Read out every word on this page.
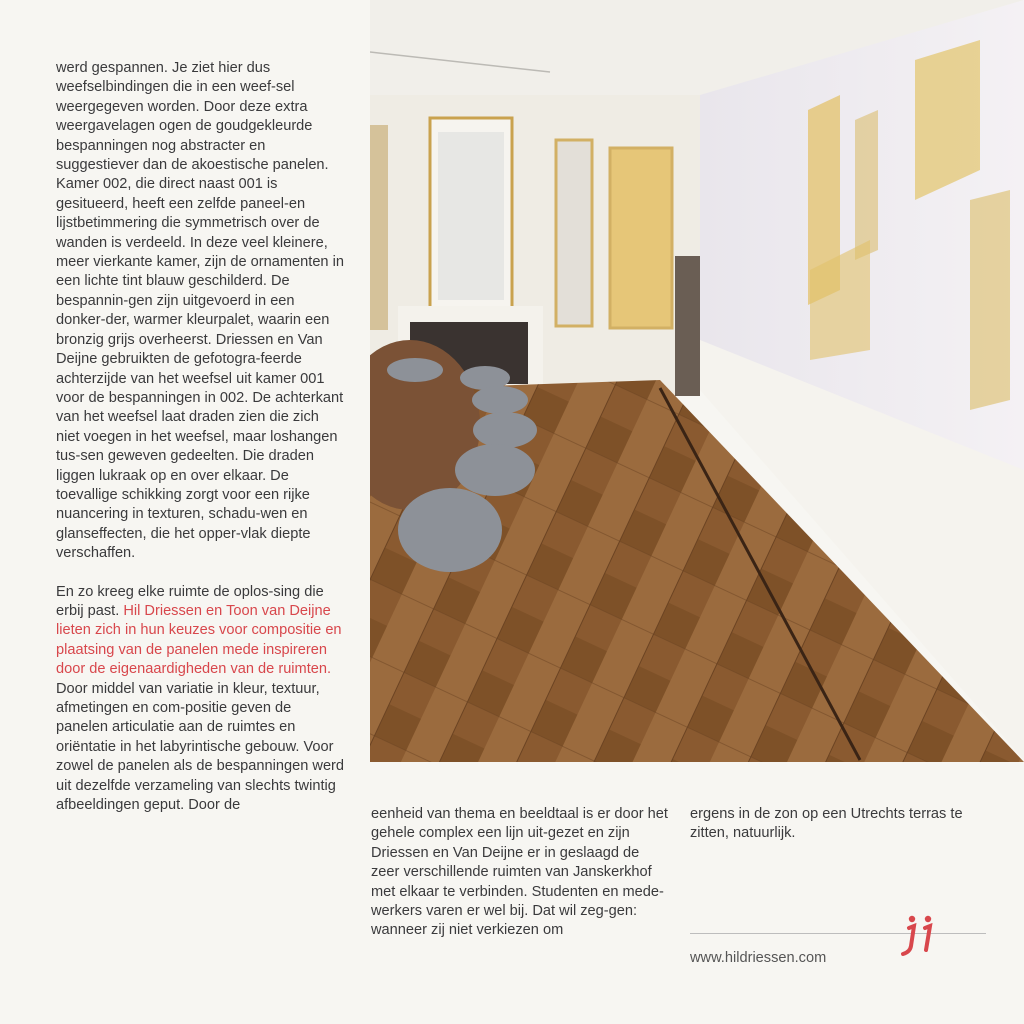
werd gespannen. Je ziet hier dus weefselbindingen die in een weef-sel weergegeven worden. Door deze extra weergavelagen ogen de goudgekleurde bespanningen nog abstracter en suggestiever dan de akoestische panelen.
Kamer 002, die direct naast 001 is gesitueerd, heeft een zelfde paneel-en lijstbetimmering die symmetrisch over de wanden is verdeeld. In deze veel kleinere, meer vierkante kamer, zijn de ornamenten in een lichte tint blauw geschilderd. De bespannin-gen zijn uitgevoerd in een donker-der, warmer kleurpalet, waarin een bronzig grijs overheerst. Driessen en Van Deijne gebruikten de gefotogra-feerde achterzijde van het weefsel uit kamer 001 voor de bespanningen in 002. De achterkant van het weefsel laat draden zien die zich niet voegen in het weefsel, maar loshangen tus-sen geweven gedeelten. Die draden liggen lukraak op en over elkaar. De toevallige schikking zorgt voor een rijke nuancering in texturen, schadu-wen en glanseffecten, die het opper-vlak diepte verschaffen.

En zo kreeg elke ruimte de oplos-sing die erbij past. Hil Driessen en Toon van Deijne lieten zich in hun keuzes voor compositie en plaatsing van de panelen mede inspireren door de eigenaardigheden van de ruimten. Door middel van variatie in kleur, textuur, afmetingen en com-positie geven de panelen articulatie aan de ruimtes en oriëntatie in het labyrintische gebouw. Voor zowel de panelen als de bespanningen werd uit dezelfde verzameling van slechts twintig afbeeldingen geput. Door de

eenheid van thema en beeldtaal is er door het gehele complex een lijn uit-gezet en zijn Driessen en Van Deijne er in geslaagd de zeer verschillende ruimten van Janskerkhof met elkaar te verbinden. Studenten en mede-werkers varen er wel bij. Dat wil zeg-gen: wanneer zij niet verkiezen om

ergens in de zon op een Utrechts terras te zitten, natuurlijk.

www.hildriessen.com
